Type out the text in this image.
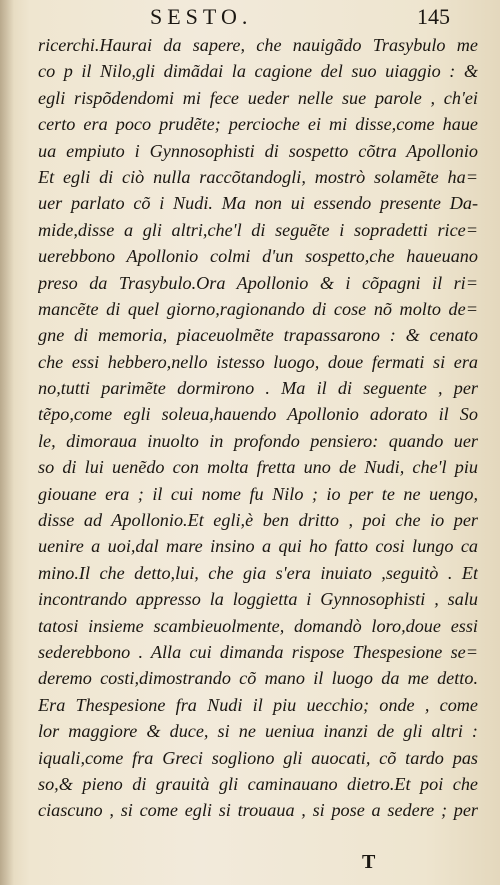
SESTO.	145
ricerchi.Haurai da sapere, che nauigãdo Trasybulo me
co p il Nilo,gli dimãdai la cagione del suo uiaggio : &
egli rispõdendomi mi fece ueder nelle sue parole , ch'ei
certo era poco prudẽte; percioche ei mi disse,come haue
ua empiuto i Gynnosophisti di sospetto cõtra Apollonio
Et egli di ciò nulla raccõtandogli, mostrò solamẽte ha=
uer parlato cõ i Nudi. Ma non ui essendo presente Da-
mide,disse a gli altri,che'l di seguẽte i sopradetti rice=
uerebbono Apollonio colmi d'un sospetto,che haueuano
preso da Trasybulo.Ora Apollonio & i cõpagni il ri=
mancẽte di quel giorno,ragionando di cose nõ molto de=
gne di memoria, piaceuolmẽte trapassarono : & cenato
che essi hebbero,nello istesso luogo, doue fermati si era
no,tutti parimẽte dormirono . Ma il di seguente , per
tẽpo,come egli soleua,hauendo Apollonio adorato il So
le, dimoraua inuolto in profondo pensiero: quando uer
so di lui uenẽdo con molta fretta uno de Nudi, che'l piu
giouane era ; il cui nome fu Nilo ; io per te ne uengo,
disse ad Apollonio.Et egli,è ben dritto , poi che io per
uenire a uoi,dal mare insino a qui ho fatto cosi lungo ca
mino.Il che detto,lui, che gia s'era inuiato ,seguitò . Et
incontrando appresso la loggietta i Gynnosophisti , salu
tatosi insieme scambieuolmente, domandò loro,doue essi
sederebbono . Alla cui dimanda rispose Thespesione se=
deremo costi,dimostrando cõ mano il luogo da me detto.
Era Thespesione fra Nudi il piu uecchio; onde , come
lor maggiore & duce, si ne ueniua inanzi de gli altri :
iquali,come fra Greci sogliono gli auocati, cõ tardo pas
so,& pieno di grauità gli caminauano dietro.Et poi che
ciascuno , si come egli si trouaua , si pose a sedere ; per
T
